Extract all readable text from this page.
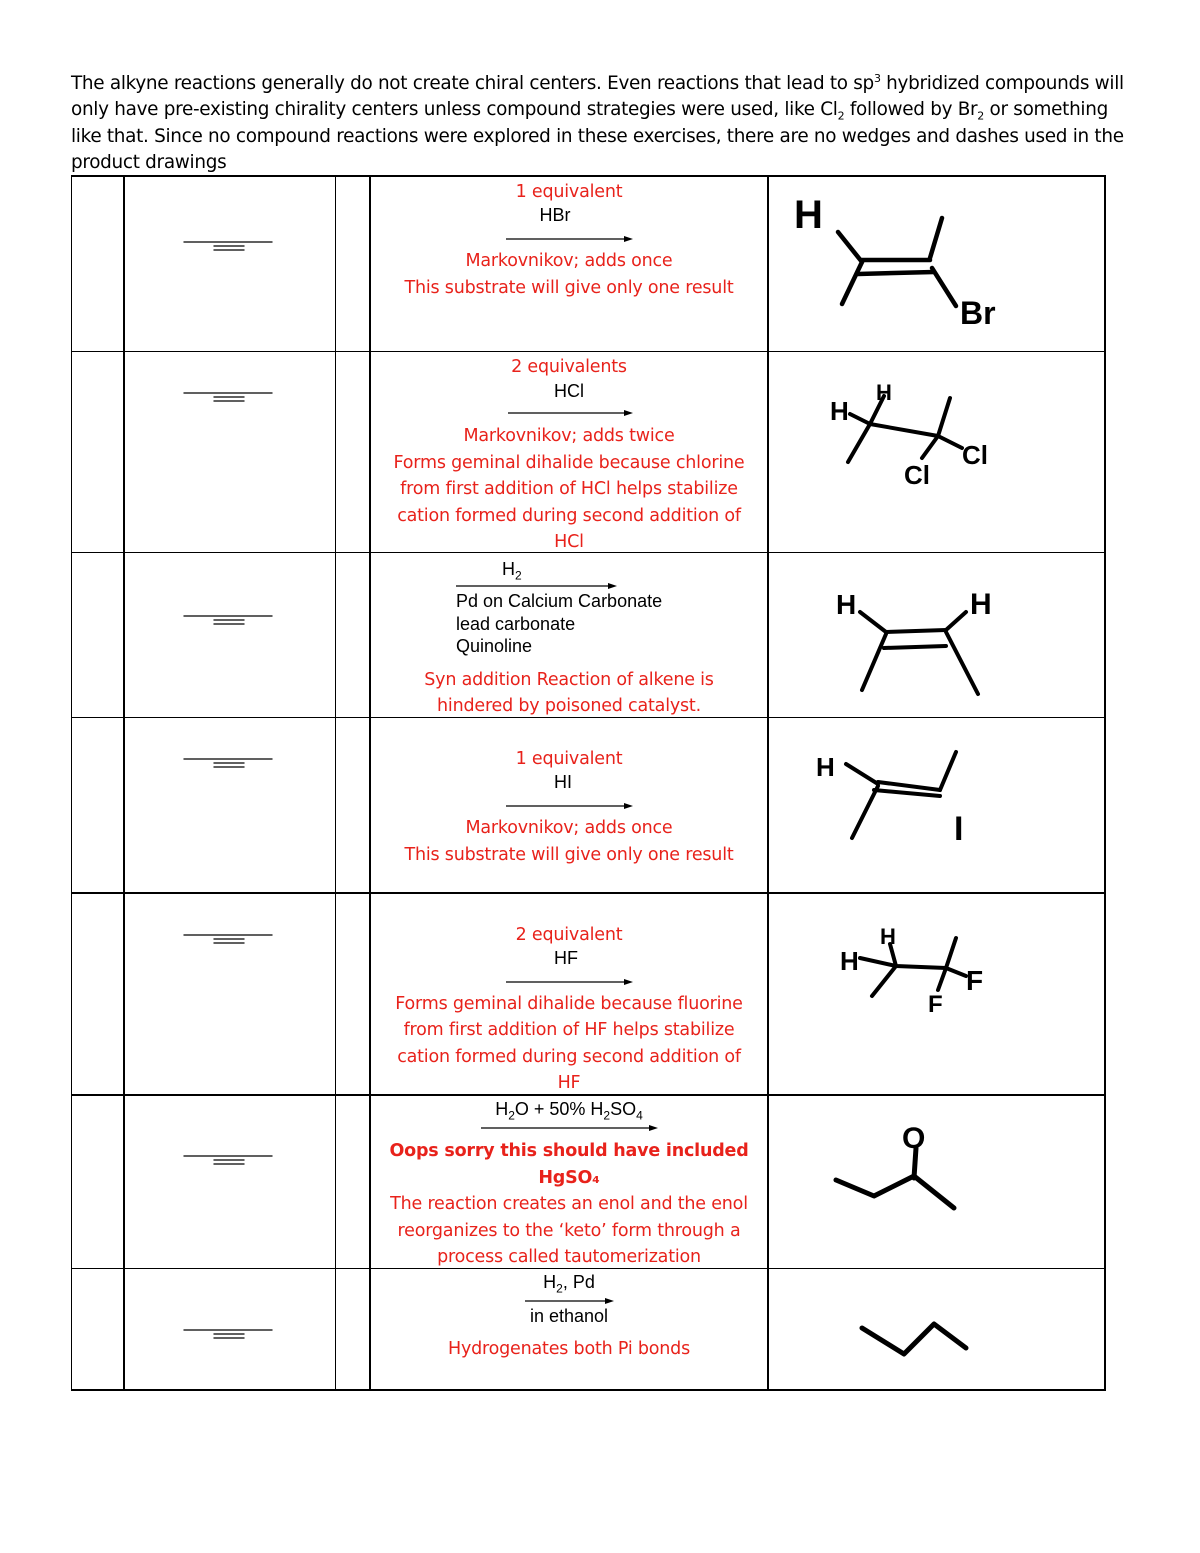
The alkyne reactions generally do not create chiral centers. Even reactions that lead to $sp^3$ hybridized compounds will only have pre-existing chirality centers unless compound strategies were used, like $Cl_2$ followed by $Br_2$ or something like that. Since no compound reactions were explored in these exercises, there are no wedges and dashes used in the product drawings
1 equivalent
HBr
Markovnikov; adds once
This substrate will give only one result
2 equivalents
HCl
Markovnikov; adds twice
Forms geminal dihalide because chlorine
from first addition of HCl helps stabilize
cation formed during second addition of
HCl
$H_2$
Pd on Calcium Carbonate
lead carbonate
Quinoline
Syn addition Reaction of alkene is
hindered by poisoned catalyst.
1 equivalent
HI
Markovnikov; adds once
This substrate will give only one result
2 equivalent
HF
Forms geminal dihalide because fluorine
from first addition of HF helps stabilize
cation formed during second addition of
HF
$H_2O + 50\%$ $H_2SO_4$
Oops sorry this should have included
HgSO₄
The reaction creates an enol and the enol
reorganizes to the ‘keto’ form through a
process called tautomerization
$H_2$, Pd
in ethanol
Hydrogenates both Pi bonds
H
Br
H
H
Cl
Cl
H	H
H
I
H
H
F
F
O
